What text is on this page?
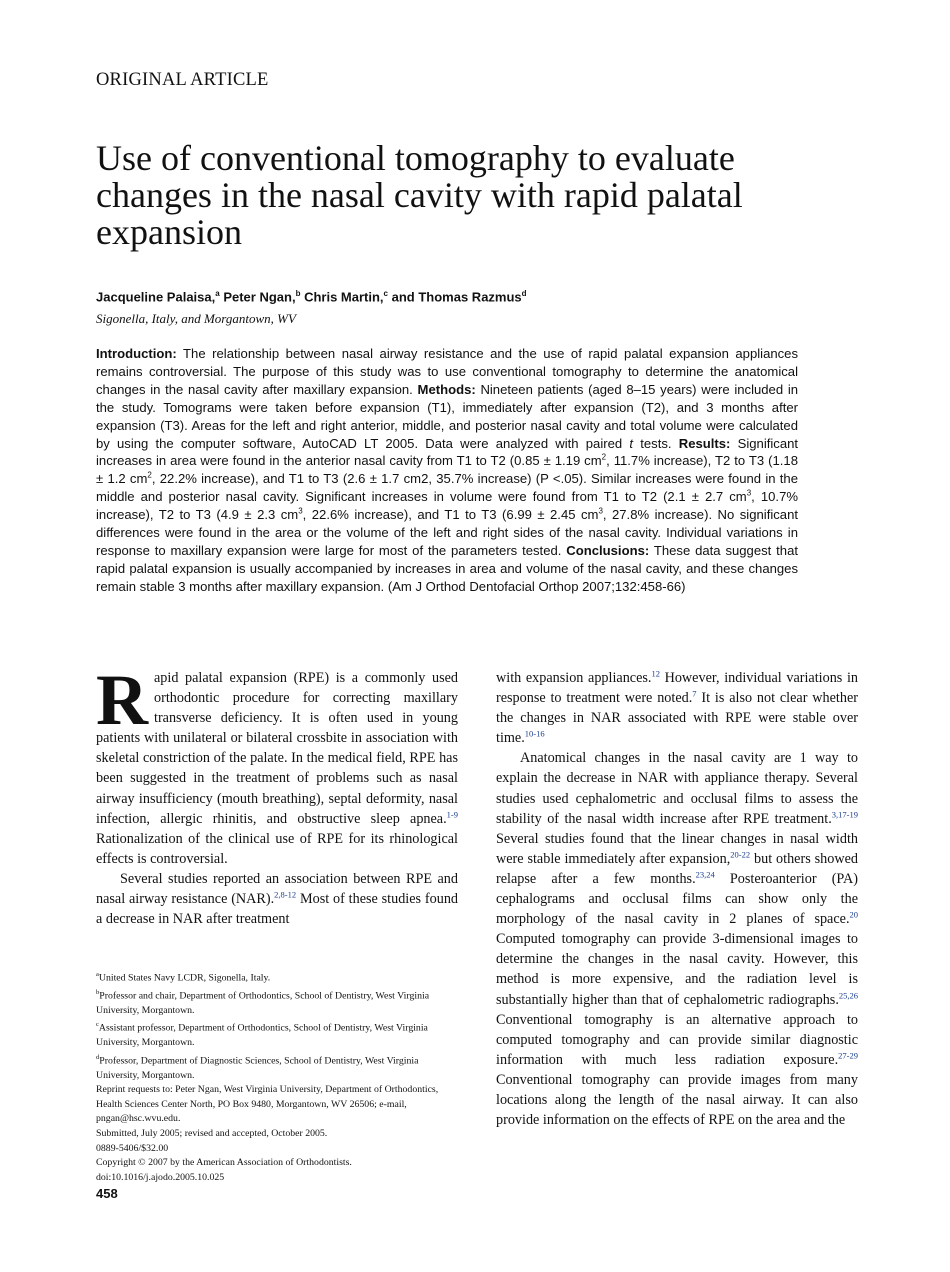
ORIGINAL ARTICLE
Use of conventional tomography to evaluate changes in the nasal cavity with rapid palatal expansion
Jacqueline Palaisa,$^a$ Peter Ngan,$^b$ Chris Martin,$^c$ and Thomas Razmus$^d$
Sigonella, Italy, and Morgantown, WV

Introduction: The relationship between nasal airway resistance and the use of rapid palatal expansion appliances remains controversial. The purpose of this study was to use conventional tomography to determine the anatomical changes in the nasal cavity after maxillary expansion. Methods: Nineteen patients (aged 8–15 years) were included in the study. Tomograms were taken before expansion (T1), immediately after expansion (T2), and 3 months after expansion (T3). Areas for the left and right anterior, middle, and posterior nasal cavity and total volume were calculated by using the computer software, AutoCAD LT 2005. Data were analyzed with paired t tests. Results: Significant increases in area were found in the anterior nasal cavity from T1 to T2 (0.85 ± 1.19 $cm^2$, 11.7% increase), T2 to T3 (1.18 ± 1.2 $cm^2$, 22.2% increase), and T1 to T3 (2.6 ± 1.7 cm2, 35.7% increase) (P <.05). Similar increases were found in the middle and posterior nasal cavity. Significant increases in volume were found from T1 to T2 (2.1 ± 2.7 $cm^3$, 10.7% increase), T2 to T3 (4.9 ± 2.3 $cm^3$, 22.6% increase), and T1 to T3 (6.99 ± 2.45 $cm^3$, 27.8% increase). No significant differences were found in the area or the volume of the left and right sides of the nasal cavity. Individual variations in response to maxillary expansion were large for most of the parameters tested. Conclusions: These data suggest that rapid palatal expansion is usually accompanied by increases in area and volume of the nasal cavity, and these changes remain stable 3 months after maxillary expansion. (Am J Orthod Dentofacial Orthop 2007;132:458-66)

Rapid palatal expansion (RPE) is a commonly used orthodontic procedure for correcting maxillary transverse deficiency. It is often used in young patients with unilateral or bilateral crossbite in association with skeletal constriction of the palate. In the medical field, RPE has been suggested in the treatment of problems such as nasal airway insufficiency (mouth breathing), septal deformity, nasal infection, allergic rhinitis, and obstructive sleep apnea.$^{1-9}$ Rationalization of the clinical use of RPE for its rhinological effects is controversial.

Several studies reported an association between RPE and nasal airway resistance (NAR).$^{2,8-12}$ Most of these studies found a decrease in NAR after treatment

$^a$United States Navy LCDR, Sigonella, Italy.
$^b$Professor and chair, Department of Orthodontics, School of Dentistry, West Virginia University, Morgantown.
$^c$Assistant professor, Department of Orthodontics, School of Dentistry, West Virginia University, Morgantown.
$^d$Professor, Department of Diagnostic Sciences, School of Dentistry, West Virginia University, Morgantown.
Reprint requests to: Peter Ngan, West Virginia University, Department of Orthodontics, Health Sciences Center North, PO Box 9480, Morgantown, WV 26506; e-mail, pngan@hsc.wvu.edu.
Submitted, July 2005; revised and accepted, October 2005.
0889-5406/$32.00
Copyright © 2007 by the American Association of Orthodontists.
doi:10.1016/j.ajodo.2005.10.025
458

with expansion appliances.$^{12}$ However, individual variations in response to treatment were noted.$^7$ It is also not clear whether the changes in NAR associated with RPE were stable over time.$^{10-16}$

Anatomical changes in the nasal cavity are 1 way to explain the decrease in NAR with appliance therapy. Several studies used cephalometric and occlusal films to assess the stability of the nasal width increase after RPE treatment.$^{3,17-19}$ Several studies found that the linear changes in nasal width were stable immediately after expansion,$^{20-22}$ but others showed relapse after a few months.$^{23,24}$ Posteroanterior (PA) cephalograms and occlusal films can show only the morphology of the nasal cavity in 2 planes of space.$^{20}$ Computed tomography can provide 3-dimensional images to determine the changes in the nasal cavity. However, this method is more expensive, and the radiation level is substantially higher than that of cephalometric radiographs.$^{25,26}$ Conventional tomography is an alternative approach to computed tomography and can provide similar diagnostic information with much less radiation exposure.$^{27-29}$ Conventional tomography can provide images from many locations along the length of the nasal airway. It can also provide information on the effects of RPE on the area and the
